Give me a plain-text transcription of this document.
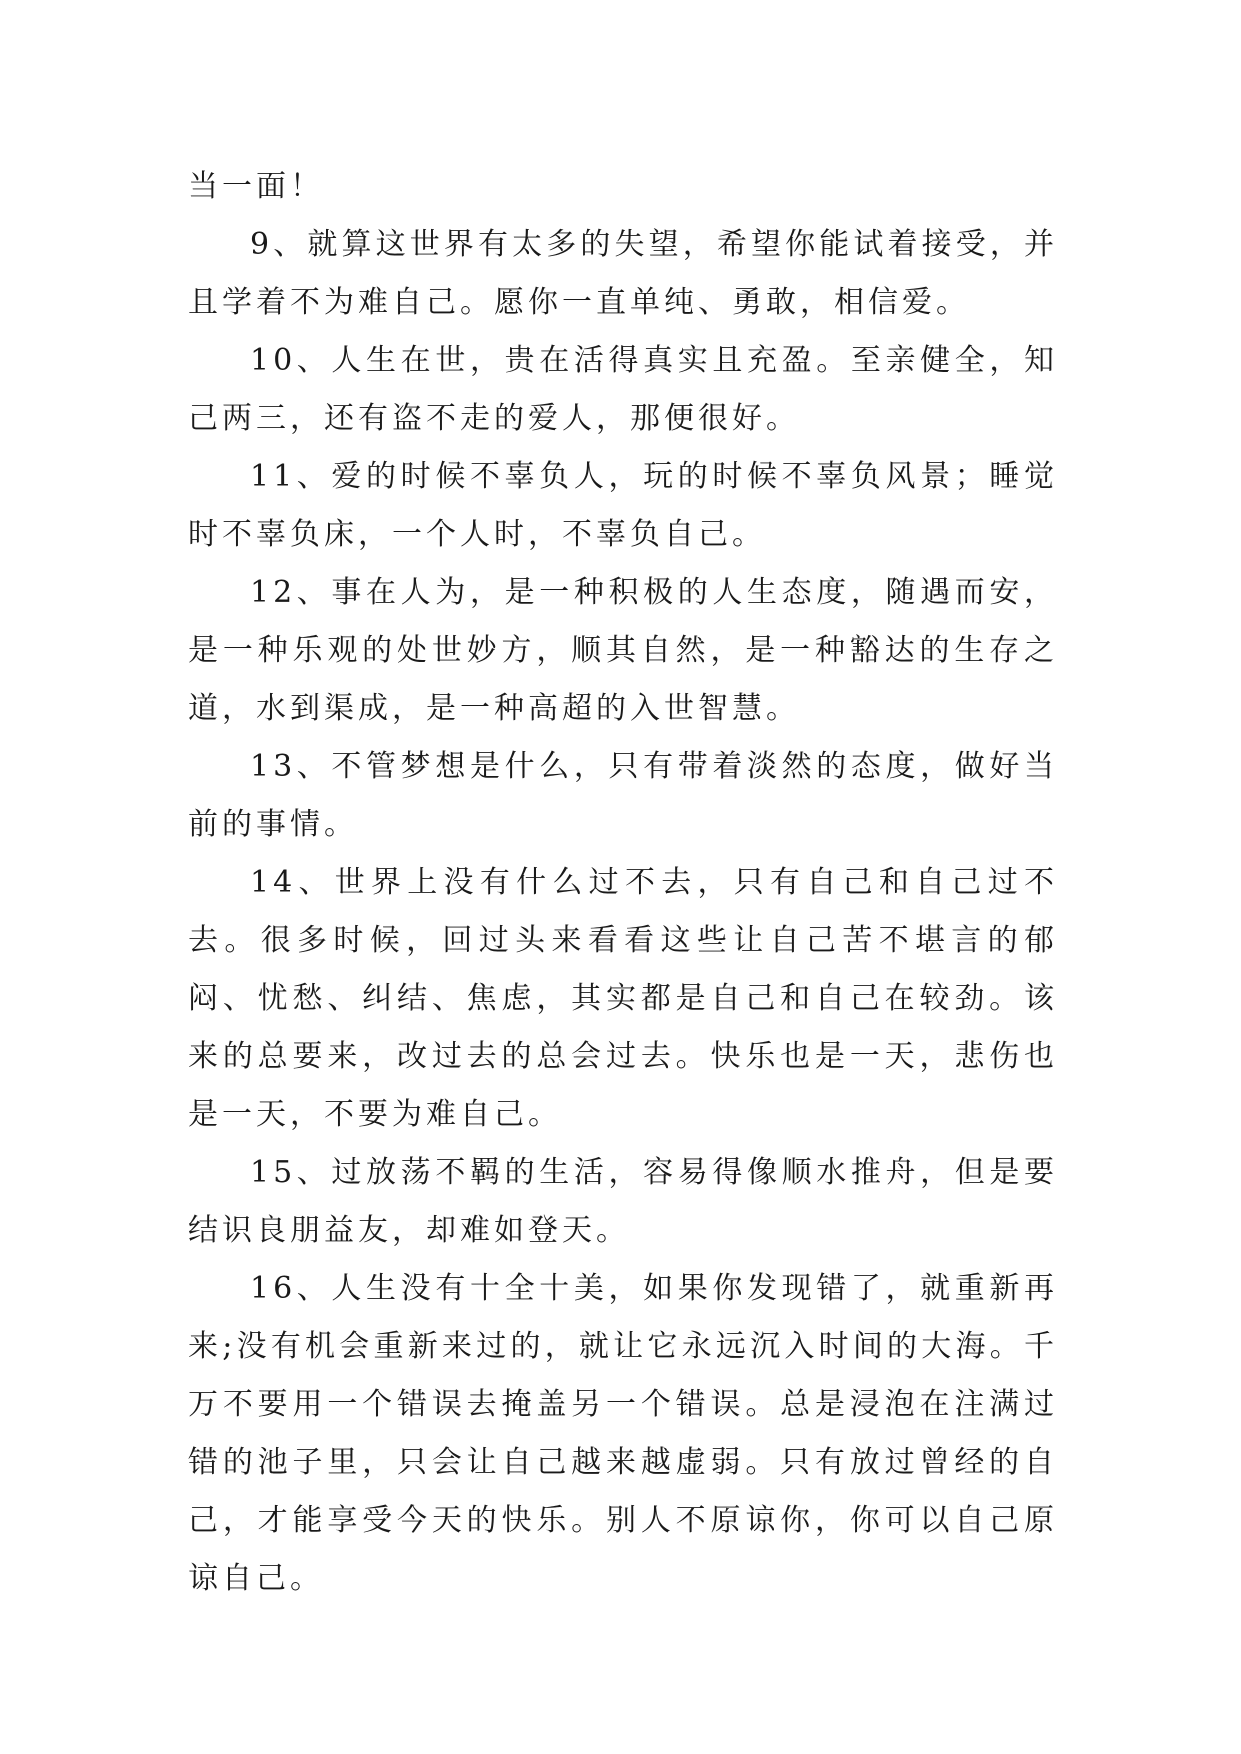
当一面！

9、就算这世界有太多的失望，希望你能试着接受，并且学着不为难自己。愿你一直单纯、勇敢，相信爱。

10、人生在世，贵在活得真实且充盈。至亲健全，知己两三，还有盗不走的爱人，那便很好。

11、爱的时候不辜负人，玩的时候不辜负风景；睡觉时不辜负床，一个人时，不辜负自己。

12、事在人为，是一种积极的人生态度，随遇而安，是一种乐观的处世妙方，顺其自然，是一种豁达的生存之道，水到渠成，是一种高超的入世智慧。

13、不管梦想是什么，只有带着淡然的态度，做好当前的事情。

14、世界上没有什么过不去，只有自己和自己过不去。很多时候，回过头来看看这些让自己苦不堪言的郁闷、忧愁、纠结、焦虑，其实都是自己和自己在较劲。该来的总要来，改过去的总会过去。快乐也是一天，悲伤也是一天，不要为难自己。

15、过放荡不羁的生活，容易得像顺水推舟，但是要结识良朋益友，却难如登天。

16、人生没有十全十美，如果你发现错了，就重新再来;没有机会重新来过的，就让它永远沉入时间的大海。千万不要用一个错误去掩盖另一个错误。总是浸泡在注满过错的池子里，只会让自己越来越虚弱。只有放过曾经的自己，才能享受今天的快乐。别人不原谅你，你可以自己原谅自己。
